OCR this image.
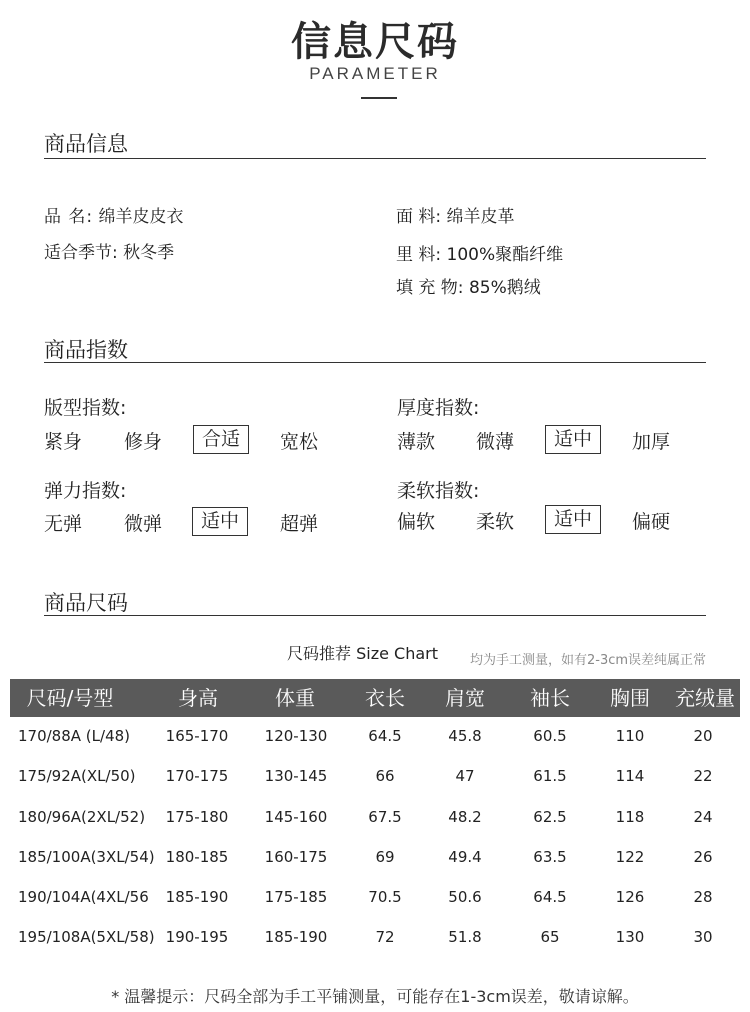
信息尺码
PARAMETER
商品信息
品 名: 绵羊皮皮衣
适合季节: 秋冬季
面 料: 绵羊皮革
里 料: 100%聚酯纤维
填 充 物: 85%鹅绒
商品指数
版型指数:	厚度指数:
弹力指数:	柔软指数:
紧身 修身	合适	宽松	薄款 微薄	适中	加厚
无弹 微弹	适中	超弹	偏软 柔软	适中	偏硬
商品尺码
尺码推荐 Size Chart 均为手工测量，如有2-3cm误差纯属正常
尺码/号型	身高	体重	衣长	肩宽	袖长	胸围	充绒量
170/88A (L/48)	165-170	120-130	64.5	45.8	60.5	110	20
175/92A(XL/50)	170-175	130-145	66	47	61.5	114	22
180/96A(2XL/52)	175-180	145-160	67.5	48.2	62.5	118	24
185/100A(3XL/54) 180-185	160-175	69	49.4	63.5	122	26
190/104A(4XL/56	185-190	175-185	70.5	50.6	64.5	126	28
195/108A(5XL/58) 190-195	185-190	72	51.8	65	130	30
* 温馨提示：尺码全部为手工平铺测量，可能存在1-3cm误差，敬请谅解。
